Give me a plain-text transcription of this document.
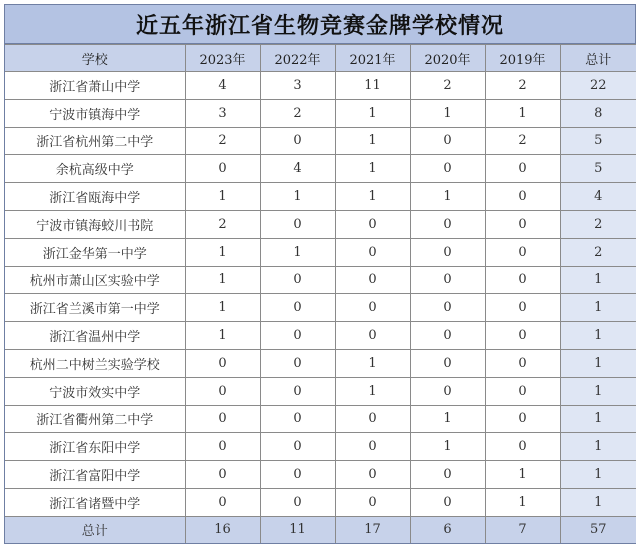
近五年浙江省生物竞赛金牌学校情况
学校	2023年	2022年	2021年	2020年	2019年	总计
浙江省萧山中学	4	3	11	2	2	22
宁波市镇海中学	3	2	1	1	1	8
浙江省杭州第二中学	2	0	1	0	2	5
余杭高级中学	0	4	1	0	0	5
浙江省瓯海中学	1	1	1	1	0	4
宁波市镇海蛟川书院	2	0	0	0	0	2
浙江金华第一中学	1	1	0	0	0	2
杭州市萧山区实验中学	1	0	0	0	0	1
浙江省兰溪市第一中学	1	0	0	0	0	1
浙江省温州中学	1	0	0	0	0	1
杭州二中树兰实验学校	0	0	1	0	0	1
宁波市效实中学	0	0	1	0	0	1
浙江省衢州第二中学	0	0	0	1	0	1
浙江省东阳中学	0	0	0	1	0	1
浙江省富阳中学	0	0	0	0	1	1
浙江省诸暨中学	0	0	0	0	1	1
总计	16	11	17	6	7	57
